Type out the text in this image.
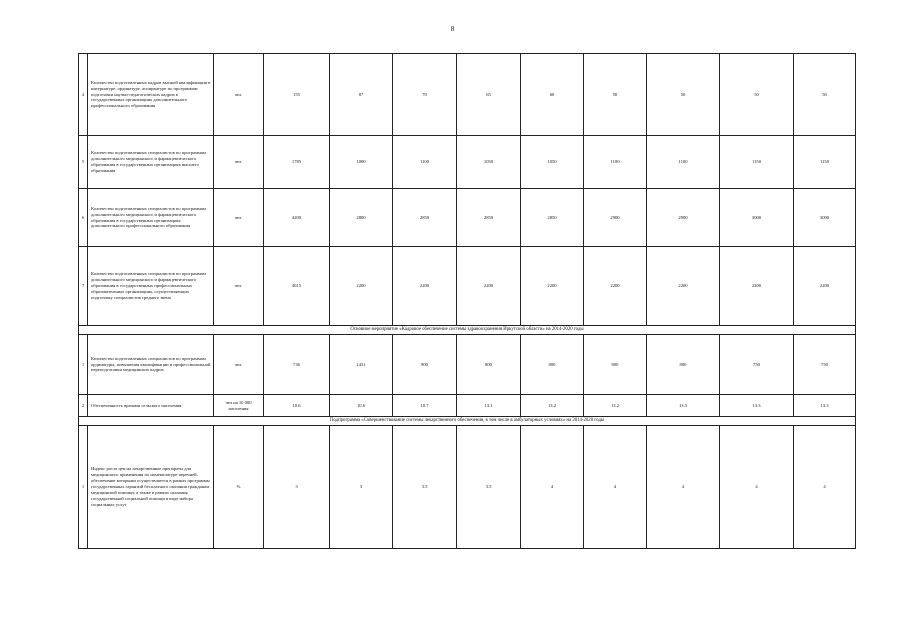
8
4	Количество подготовленных кадров высшей квалификации в интернатуре, ординатуре, аспирантуре по программам подготовки научно-педагогических кадров в государственных организациях дополнительного профессионального образования	чел.	155	87	70	65	60	50	50	50	50
5	Количество подготовленных специалистов по программам дополнительного медицинского и фармацевтического образования в государственных организациях высшего образования	чел.	1785	1000	1100	1050	1050	1100	1100	1150	1150
6	Количество подготовленных специалистов по программам дополнительного медицинского и фармацевтического образования в государственных организациях дополнительного профессионального образования	чел.	4200	2800	2850	2850	2850	2900	2900	3000	3000
7	Количество подготовленных специалистов по программам дополнительного медицинского и фармацевтического образования в государственных профессиональных образовательных организациях, осуществляющих подготовку специалистов среднего звена	чел.	4615	2200	2200	2200	2200	2200	2200	2200	2200
Основное мероприятие «Кадровое обеспечение системы здравоохранения Иркутской области» на 2014-2020 годы											
1	Количество подготовленных специалистов по программам ординатуры, повышения квалификации и профессиональной переподготовки медицинских кадров	чел.	736	1431	900	800	800	800	800	750	750
2	Обеспеченность врачами сельского населения	чел на 10 000 населения	10.6	10.6	10.7	13.1	13.2	13.2	13.3	13.3	13.3
Подпрограмма «Совершенствование системы лекарственного обеспечения, в том числе в амбулаторных условиях» на 2014-2020 годы											
1	Индекс роста цен на лекарственные препараты для медицинского применения по номенклатуре перечней, обеспечение которыми осуществляется в рамках программы государственных гарантий бесплатного оказания гражданам медицинской помощи, а также в рамках оказания государственной социальной помощи в виде набора социальных услуг	%	3	3	3.5	3.5	4	4	4	4	4
